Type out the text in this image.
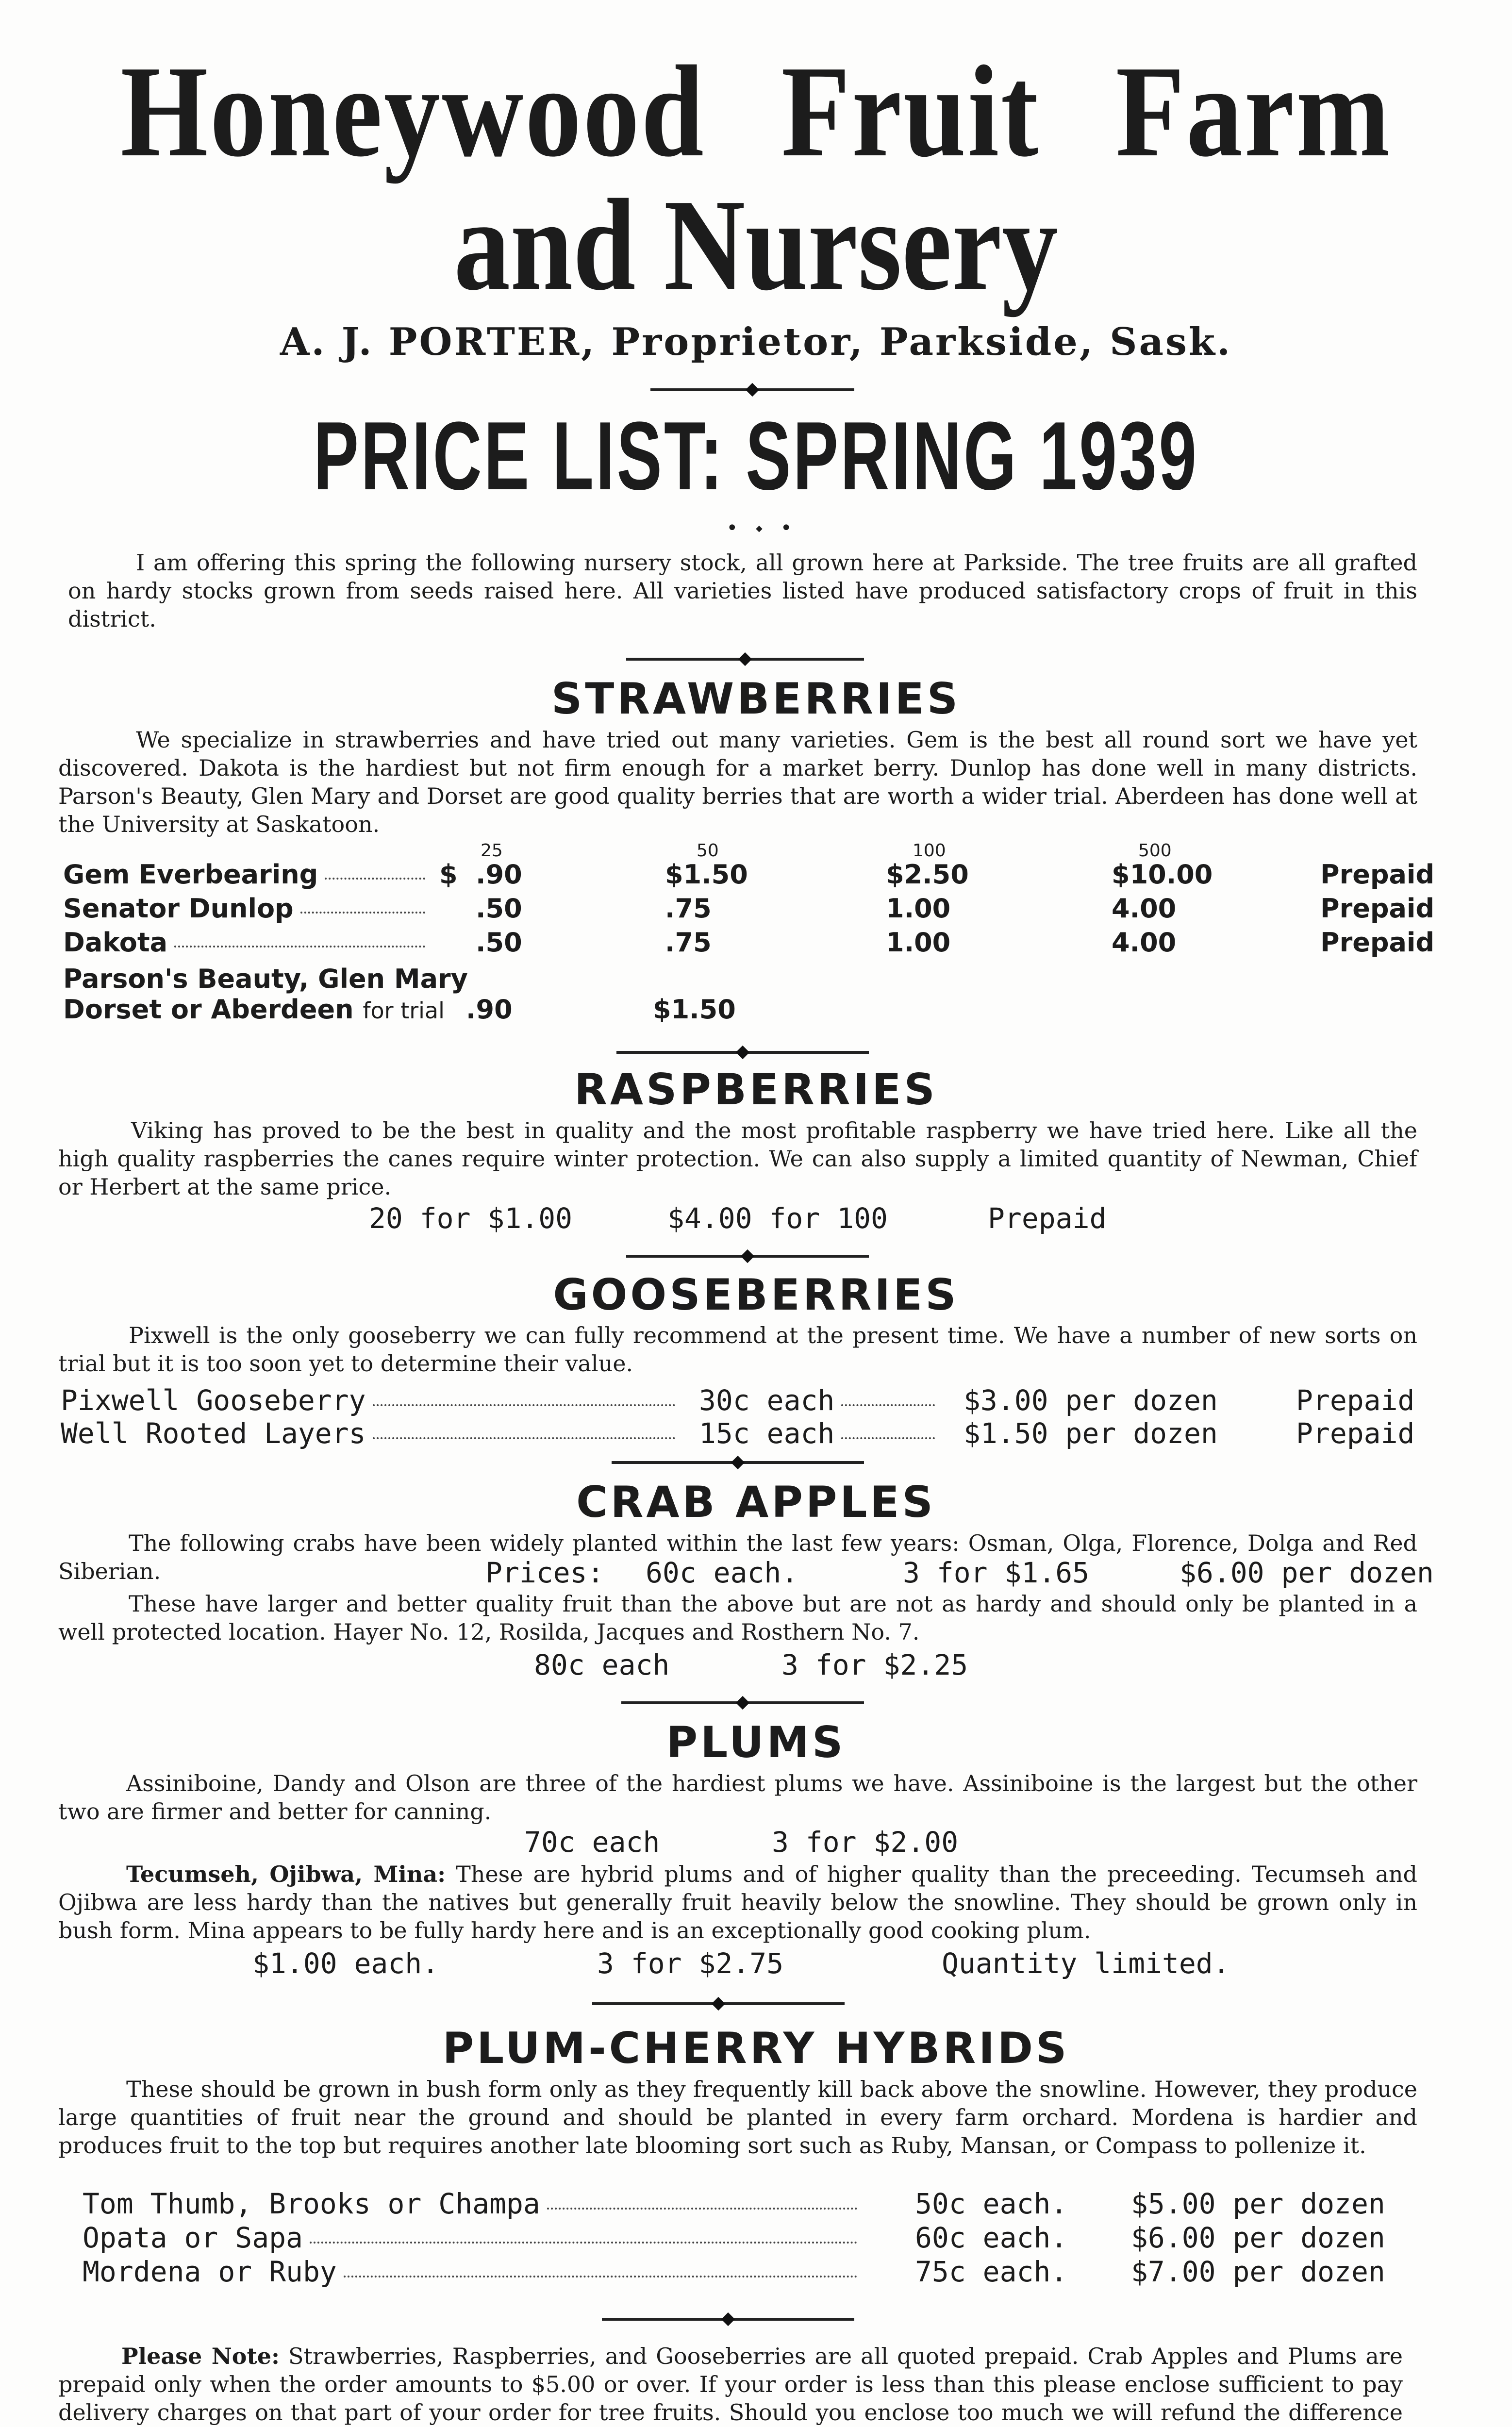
Honeywood Fruit Farm
and Nursery
A. J. PORTER, Proprietor, Parkside, Sask.
PRICE LIST: SPRING 1939
• ⬩ •
I am offering this spring the following nursery stock, all grown here at Parkside. The tree fruits are all grafted on hardy stocks grown from seeds raised here. All varieties listed have produced satisfactory crops of fruit in this district.
STRAWBERRIES
We specialize in strawberries and have tried out many varieties. Gem is the best all round sort we have yet discovered. Dakota is the hardiest but not firm enough for a market berry. Dunlop has done well in many districts. Parson's Beauty, Glen Mary and Dorset are good quality berries that are worth a wider trial. Aberdeen has done well at the University at Saskatoon.
25	50	100	500
Gem Everbearing	$ .90	$1.50	$2.50	$10.00	Prepaid
Senator Dunlop	.50	.75	1.00	4.00	Prepaid
Dakota	.50	.75	1.00	4.00	Prepaid
Parson's Beauty, Glen Mary
Dorset or Aberdeen for trial .90	$1.50
RASPBERRIES
Viking has proved to be the best in quality and the most profitable raspberry we have tried here. Like all the high quality raspberries the canes require winter protection. We can also supply a limited quantity of Newman, Chief or Herbert at the same price.
20 for $1.00	$4.00 for 100	Prepaid
GOOSEBERRIES
Pixwell is the only gooseberry we can fully recommend at the present time. We have a number of new sorts on trial but it is too soon yet to determine their value.
Pixwell Gooseberry	30c each	$3.00 per dozen	Prepaid
Well Rooted Layers	15c each	$1.50 per dozen	Prepaid
CRAB APPLES
The following crabs have been widely planted within the last few years: Osman, Olga, Florence, Dolga and Red Siberian.	Prices: 60c each.	3 for $1.65	$6.00 per dozen
These have larger and better quality fruit than the above but are not as hardy and should only be planted in a well protected location. Hayer No. 12, Rosilda, Jacques and Rosthern No. 7.
80c each	3 for $2.25
PLUMS
Assiniboine, Dandy and Olson are three of the hardiest plums we have. Assiniboine is the largest but the other two are firmer and better for canning.
70c each	3 for $2.00
Tecumseh, Ojibwa, Mina: These are hybrid plums and of higher quality than the preceeding. Tecumseh and Ojibwa are less hardy than the natives but generally fruit heavily below the snowline. They should be grown only in bush form. Mina appears to be fully hardy here and is an exceptionally good cooking plum.
$1.00 each.	3 for $2.75	Quantity limited.
PLUM-CHERRY HYBRIDS
These should be grown in bush form only as they frequently kill back above the snowline. However, they produce large quantities of fruit near the ground and should be planted in every farm orchard. Mordena is hardier and produces fruit to the top but requires another late blooming sort such as Ruby, Mansan, or Compass to pollenize it.
Tom Thumb, Brooks or Champa	50c each. $5.00 per dozen
Opata or Sapa	60c each. $6.00 per dozen
Mordena or Ruby	75c each. $7.00 per dozen
Please Note: Strawberries, Raspberries, and Gooseberries are all quoted prepaid. Crab Apples and Plums are prepaid only when the order amounts to $5.00 or over. If your order is less than this please enclose sufficient to pay delivery charges on that part of your order for tree fruits. Should you enclose too much we will refund the difference
